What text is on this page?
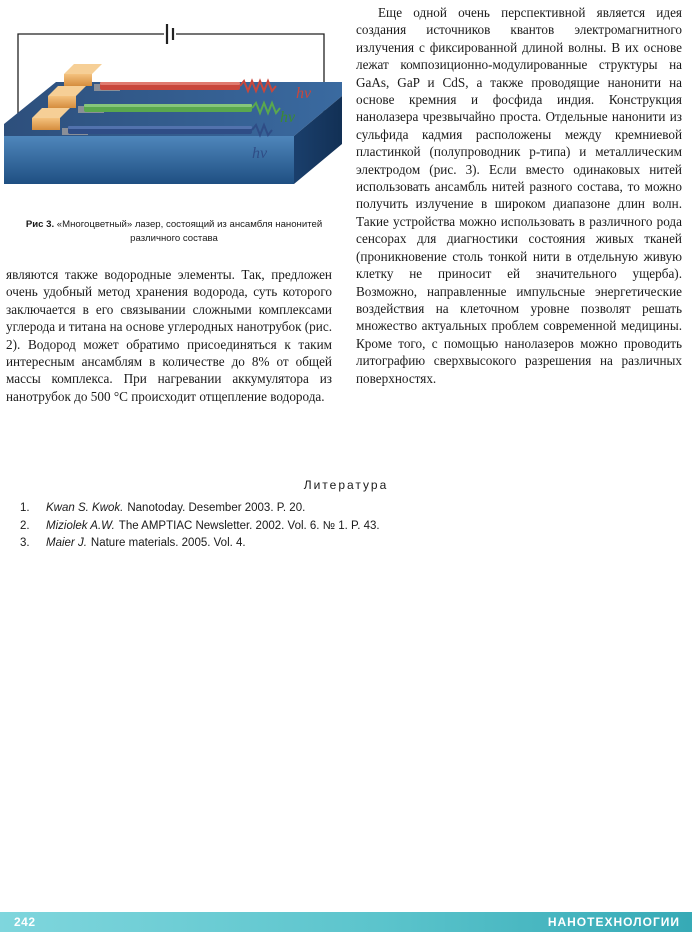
hv
hv
hv
Рис 3. «Многоцветный» лазер, состоящий из ансамбля нанонитей различного состава

являются также водородные элементы. Так, предложен очень удобный метод хранения водорода, суть которого заключается в его связывании сложными комплексами углерода и титана на основе углеродных нанотрубок (рис. 2). Водород может обратимо присоединяться к таким интересным ансамблям в количестве до 8% от общей массы комплекса. При нагревании аккумулятора из нанотрубок до 500 °С происходит отщепление водорода.

Еще одной очень перспективной является идея создания источников квантов электромагнитного излучения с фиксированной длиной волны. В их основе лежат композиционно-модулированные структуры на GaAs, GaP и CdS, а также проводящие нанонити на основе кремния и фосфида индия. Конструкция нанолазера чрезвычайно проста. Отдельные нанонити из сульфида кадмия расположены между кремниевой пластинкой (полупроводник р-типа) и металлическим электродом (рис. 3). Если вместо одинаковых нитей использовать ансамбль нитей разного состава, то можно получить излучение в широком диапазоне длин волн. Такие устройства можно использовать в различного рода сенсорах для диагностики состояния живых тканей (проникновение столь тонкой нити в отдельную живую клетку не приносит ей значительного ущерба). Возможно, направленные импульсные энергетические воздействия на клеточном уровне позволят решать множество актуальных проблем современной медицины. Кроме того, с помощью нанолазеров можно проводить литографию сверхвысокого разрешения на различных поверхностях.

Литература
1.	Kwan S. Kwok. Nanotoday. Desember 2003. P. 20.
2.	Miziolek A.W. The AMPTIAC Newsletter. 2002. Vol. 6. № 1. P. 43.
3.	Maier J. Nature materials. 2005. Vol. 4.
242	НАНОТЕХНОЛОГИИ
